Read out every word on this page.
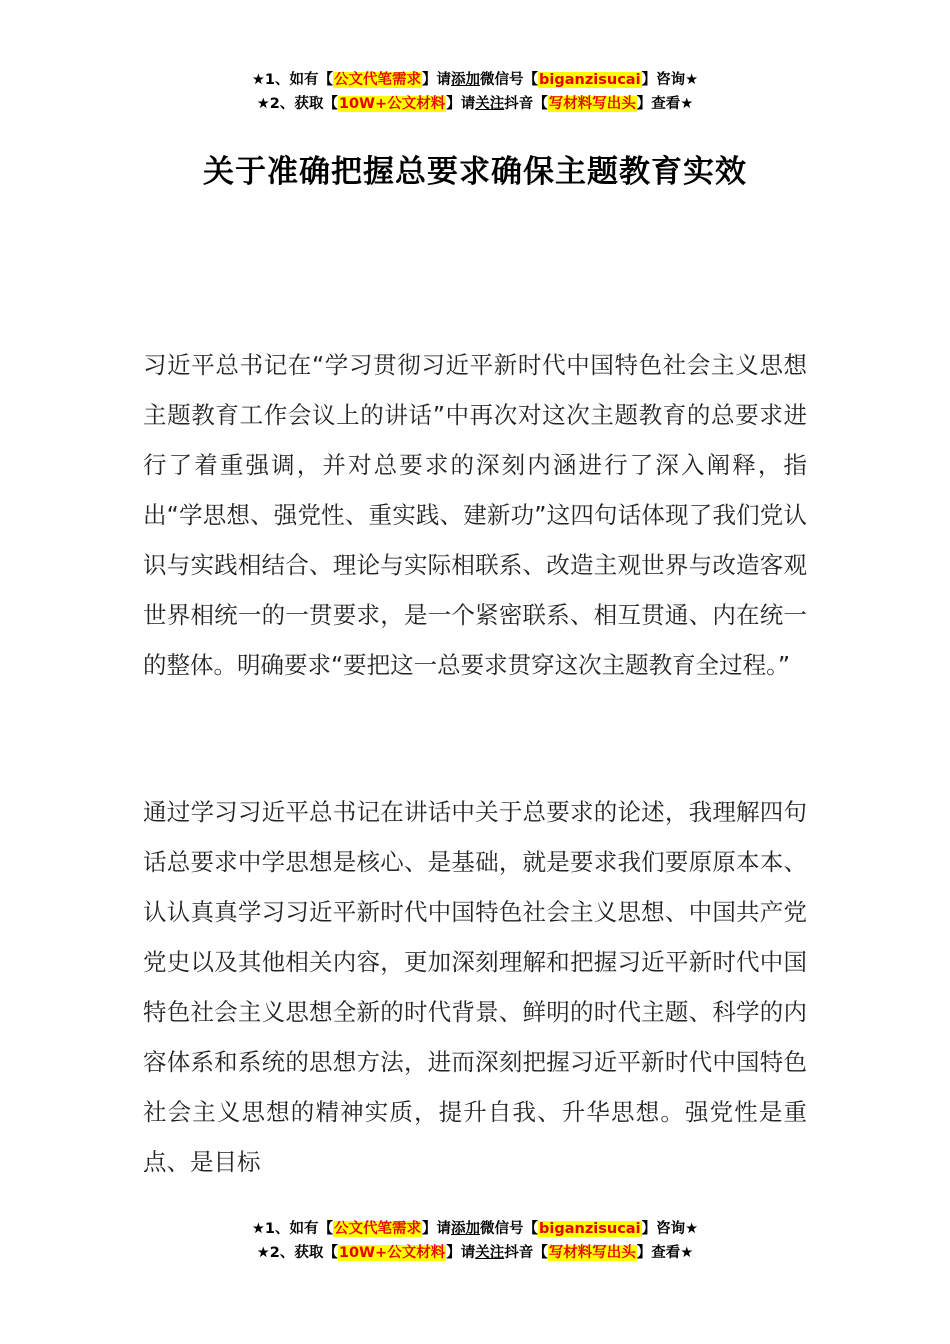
★1、如有【公文代笔需求】请添加微信号【biganzisucai】咨询★
★2、获取【10W+公文材料】请关注抖音【写材料写出头】查看★
关于准确把握总要求确保主题教育实效

习近平总书记在“学习贯彻习近平新时代中国特色社会主义思想主题教育工作会议上的讲话”中再次对这次主题教育的总要求进行了着重强调，并对总要求的深刻内涵进行了深入阐释，指出“学思想、强党性、重实践、建新功”这四句话体现了我们党认识与实践相结合、理论与实际相联系、改造主观世界与改造客观世界相统一的一贯要求，是一个紧密联系、相互贯通、内在统一的整体。明确要求“要把这一总要求贯穿这次主题教育全过程。”

通过学习习近平总书记在讲话中关于总要求的论述，我理解四句话总要求中学思想是核心、是基础，就是要求我们要原原本本、认认真真学习习近平新时代中国特色社会主义思想、中国共产党党史以及其他相关内容，更加深刻理解和把握习近平新时代中国特色社会主义思想全新的时代背景、鲜明的时代主题、科学的内容体系和系统的思想方法，进而深刻把握习近平新时代中国特色社会主义思想的精神实质，提升自我、升华思想。强党性是重点、是目标

★1、如有【公文代笔需求】请添加微信号【biganzisucai】咨询★
★2、获取【10W+公文材料】请关注抖音【写材料写出头】查看★
